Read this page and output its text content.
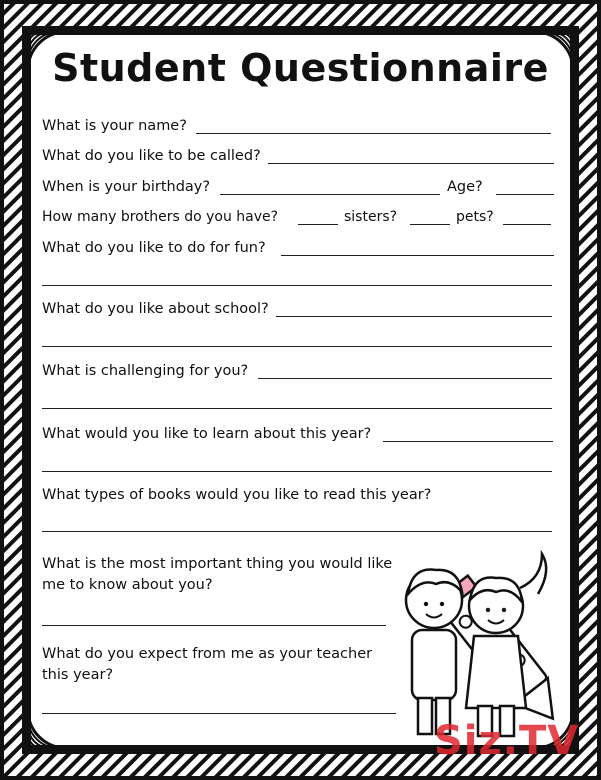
Student Questionnaire
What is your name?
What do you like to be called?
When is your birthday?	Age?
How many brothers do you have?	sisters?	pets?
What do you like to do for fun?
What do you like about school?
What is challenging for you?
What would you like to learn about this year?
What types of books would you like to read this year?
What is the most important thing you would like
me to know about you?
What do you expect from me as your teacher
this year?
Siz.TV
